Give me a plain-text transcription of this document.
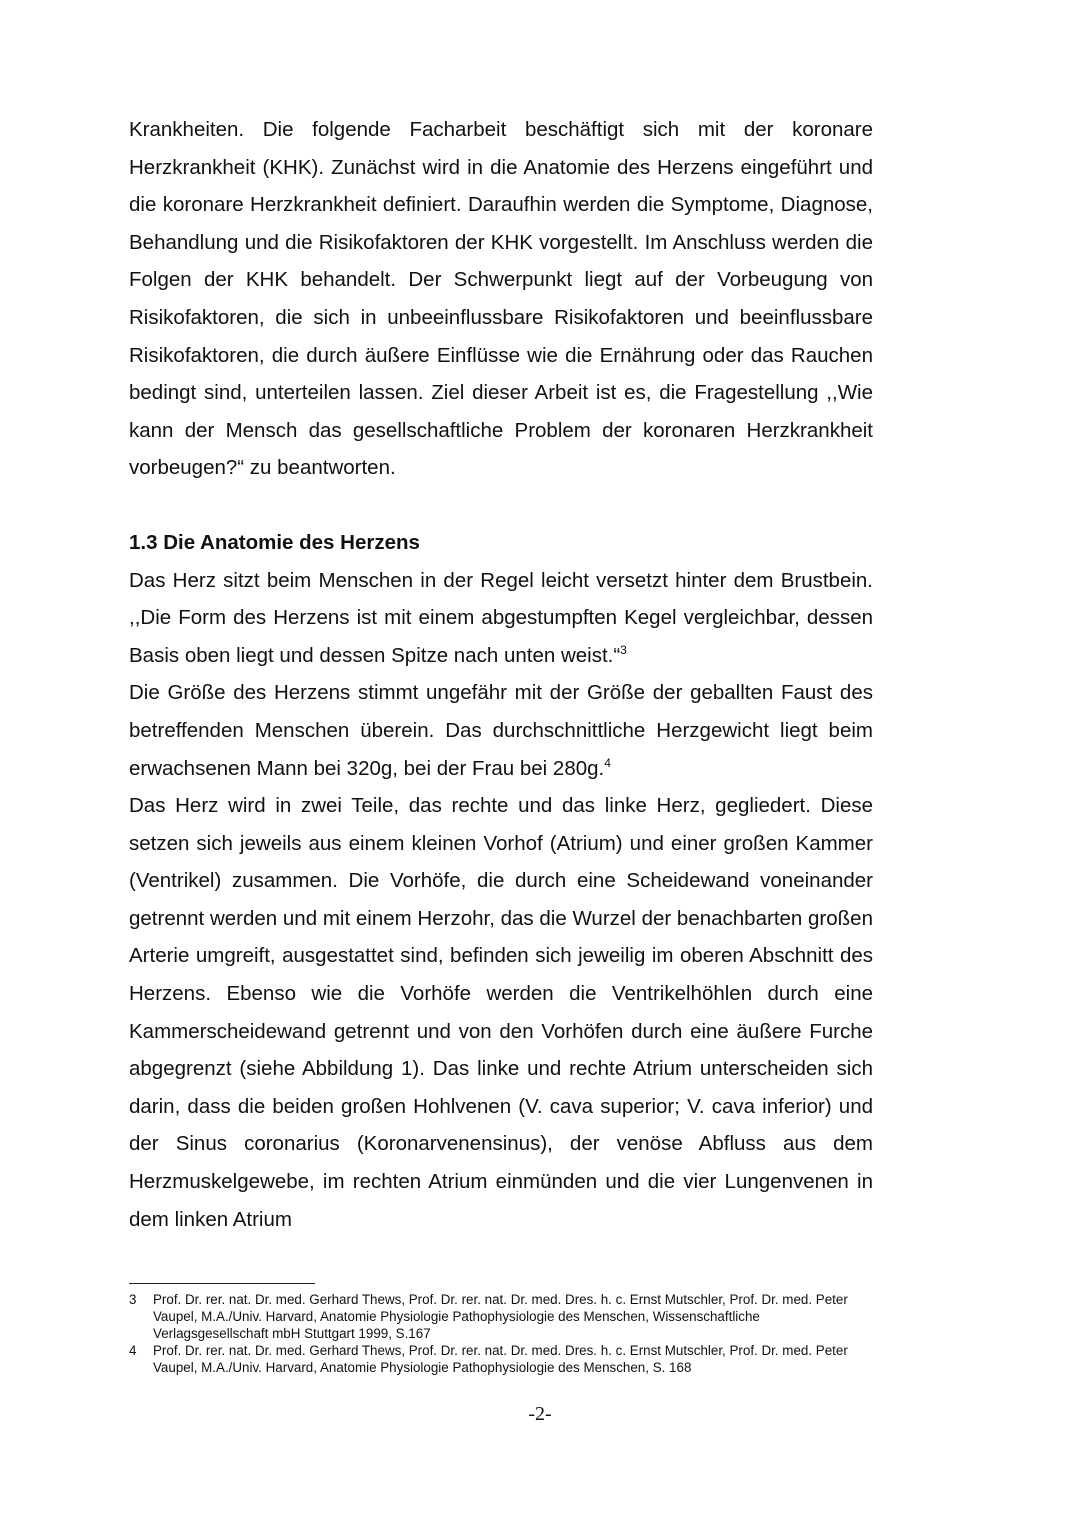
Krankheiten. Die folgende Facharbeit beschäftigt sich mit der koronare Herzkrankheit (KHK). Zunächst wird in die Anatomie des Herzens eingeführt und die koronare Herzkrankheit definiert. Daraufhin werden die Symptome, Diagnose, Behandlung und die Risikofaktoren der KHK vorgestellt. Im Anschluss werden die Folgen der KHK behandelt. Der Schwerpunkt liegt auf der Vorbeugung von Risikofaktoren, die sich in unbeeinflussbare Risikofaktoren und beeinflussbare Risikofaktoren, die durch äußere Einflüsse wie die Ernährung oder das Rauchen bedingt sind, unterteilen lassen. Ziel dieser Arbeit ist es, die Fragestellung ,,Wie kann der Mensch das gesellschaftliche Problem der koronaren Herzkrankheit vorbeugen?“ zu beantworten.

1.3 Die Anatomie des Herzens

Das Herz sitzt beim Menschen in der Regel leicht versetzt hinter dem Brustbein. ,,Die Form des Herzens ist mit einem abgestumpften Kegel vergleichbar, dessen Basis oben liegt und dessen Spitze nach unten weist.“$^3$

Die Größe des Herzens stimmt ungefähr mit der Größe der geballten Faust des betreffenden Menschen überein. Das durchschnittliche Herzgewicht liegt beim erwachsenen Mann bei 320g, bei der Frau bei 280g.$^4$

Das Herz wird in zwei Teile, das rechte und das linke Herz, gegliedert. Diese setzen sich jeweils aus einem kleinen Vorhof (Atrium) und einer großen Kammer (Ventrikel) zusammen. Die Vorhöfe, die durch eine Scheidewand voneinander getrennt werden und mit einem Herzohr, das die Wurzel der benachbarten großen Arterie umgreift, ausgestattet sind, befinden sich jeweilig im oberen Abschnitt des Herzens. Ebenso wie die Vorhöfe werden die Ventrikelhöhlen durch eine Kammerscheidewand getrennt und von den Vorhöfen durch eine äußere Furche abgegrenzt (siehe Abbildung 1). Das linke und rechte Atrium unterscheiden sich darin, dass die beiden großen Hohlvenen (V. cava superior; V. cava inferior) und der Sinus coronarius (Koronarvenensinus), der venöse Abfluss aus dem Herzmuskelgewebe, im rechten Atrium einmünden und die vier Lungenvenen in dem linken Atrium

3	Prof. Dr. rer. nat. Dr. med. Gerhard Thews, Prof. Dr. rer. nat. Dr. med. Dres. h. c. Ernst Mutschler, Prof. Dr. med. Peter Vaupel, M.A./Univ. Harvard, Anatomie Physiologie Pathophysiologie des Menschen, Wissenschaftliche Verlagsgesellschaft mbH Stuttgart 1999, S.167
4	Prof. Dr. rer. nat. Dr. med. Gerhard Thews, Prof. Dr. rer. nat. Dr. med. Dres. h. c. Ernst Mutschler, Prof. Dr. med. Peter Vaupel, M.A./Univ. Harvard, Anatomie Physiologie Pathophysiologie des Menschen, S. 168
-2-
